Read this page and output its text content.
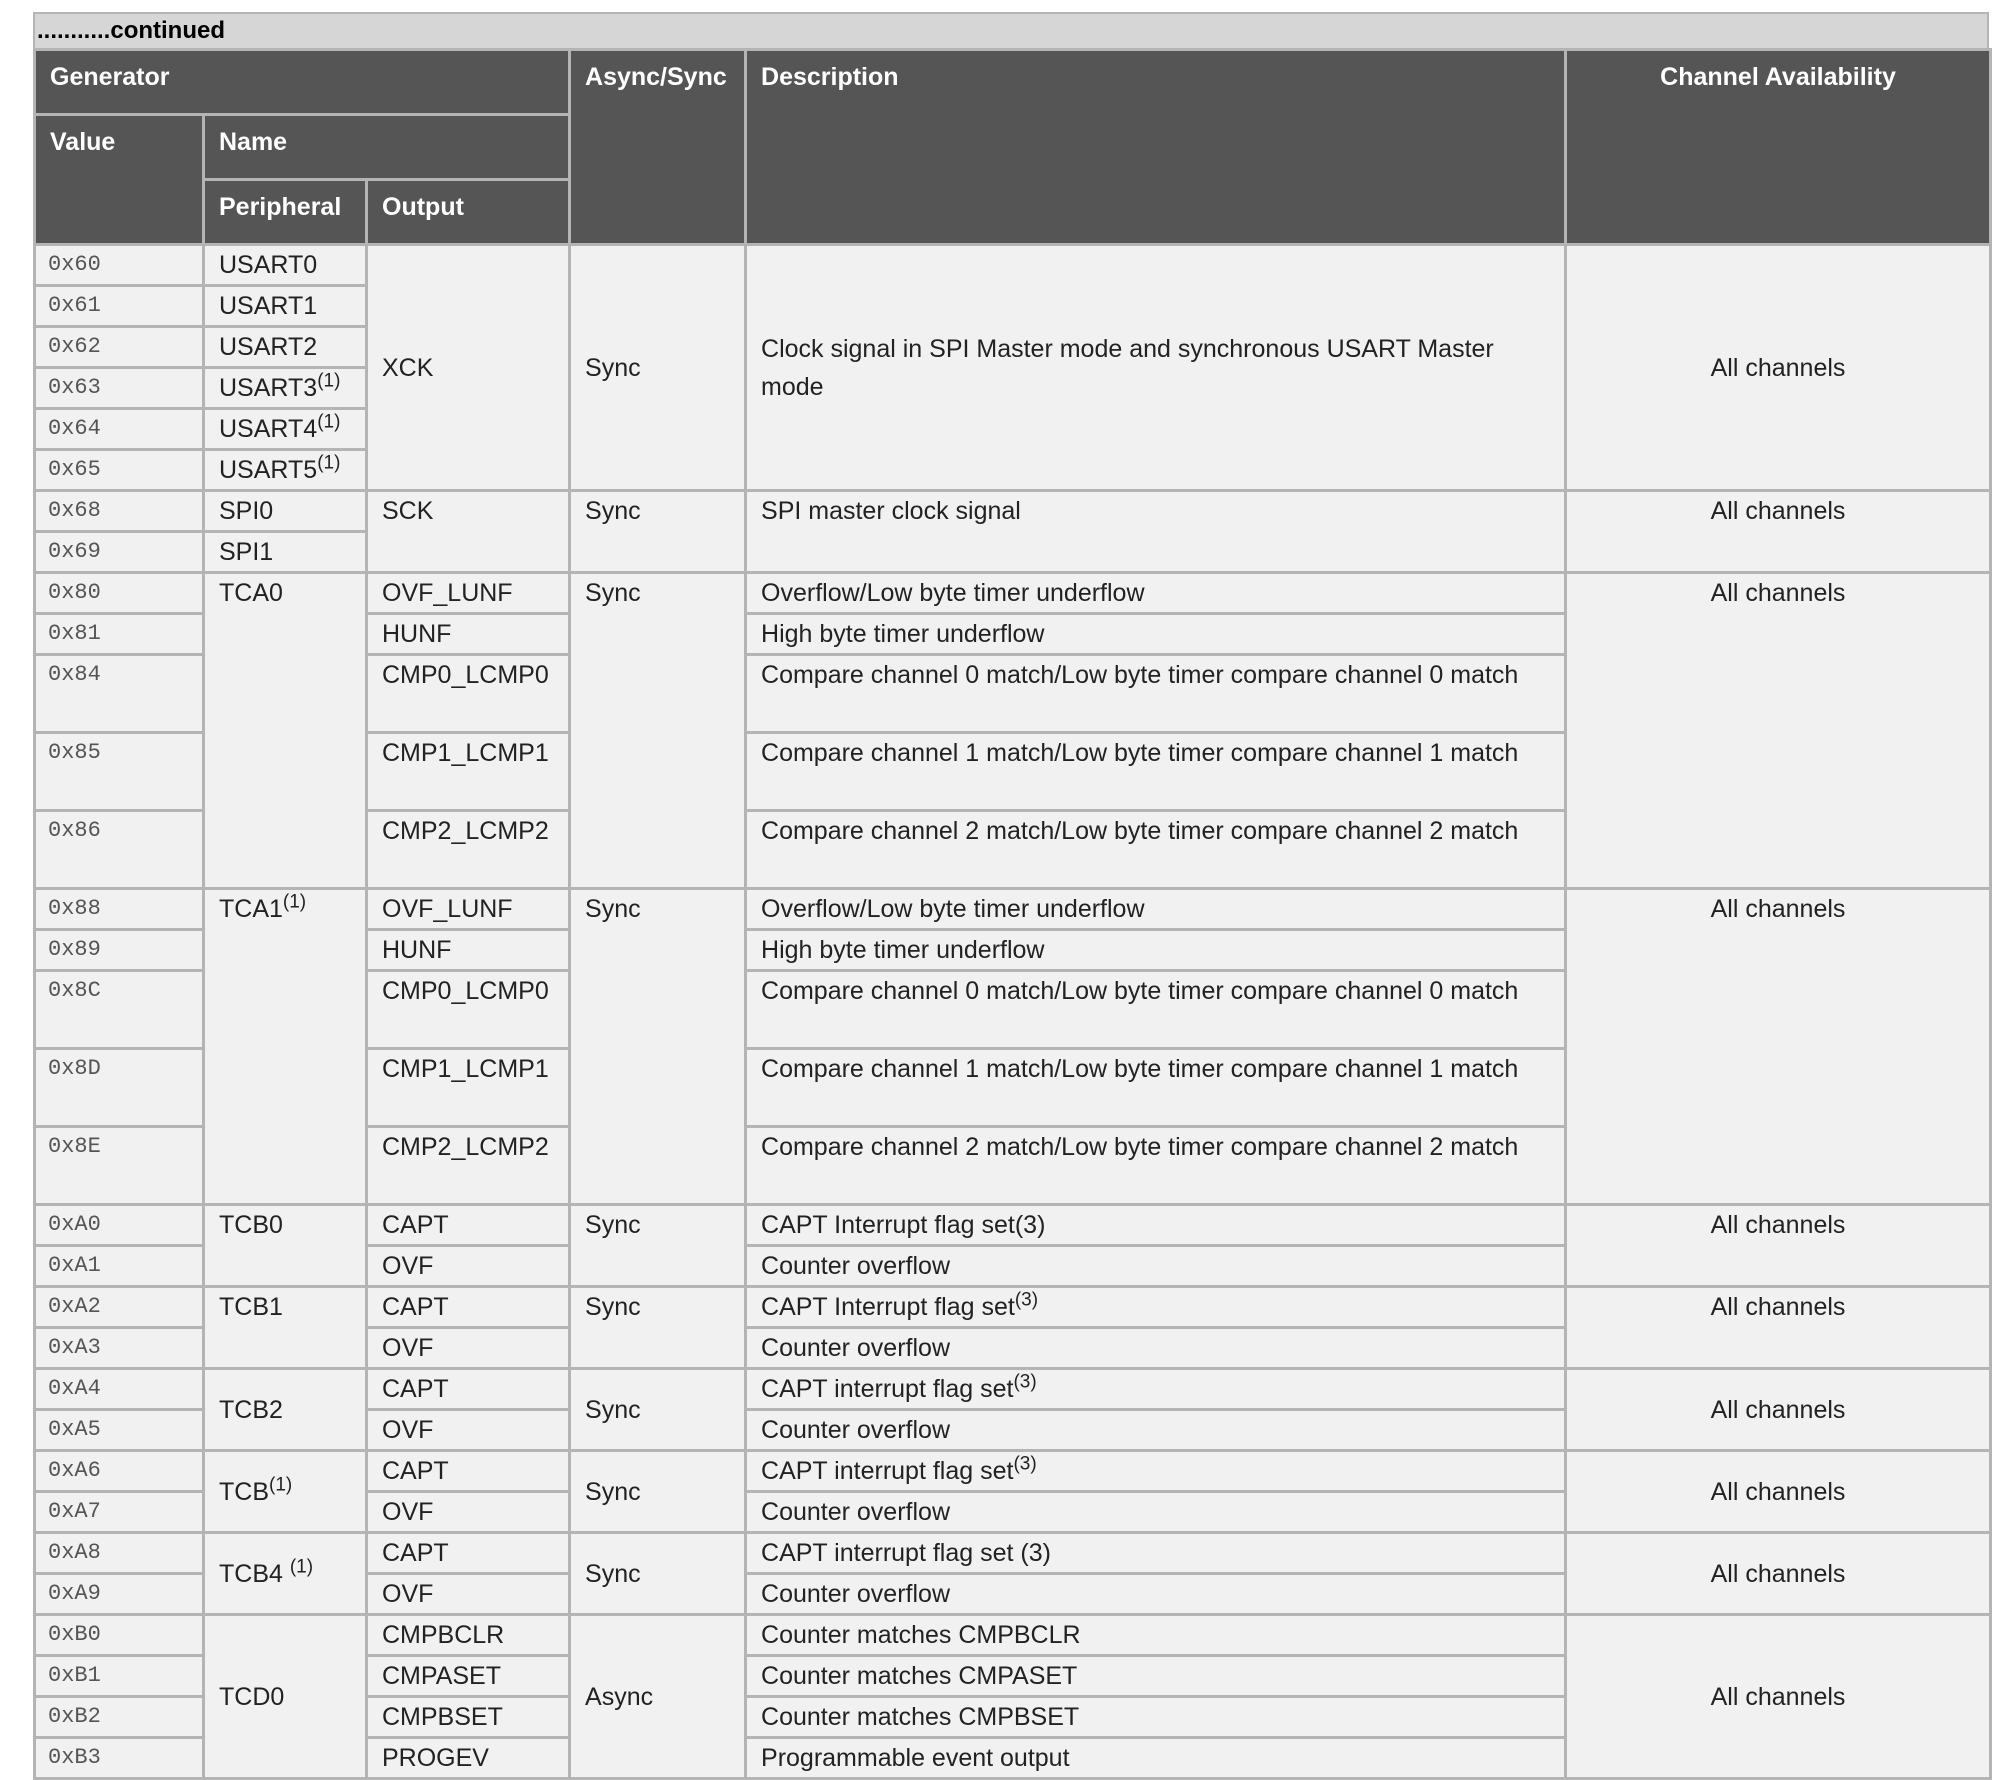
...........continued
Generator			Async/Sync	Description	Channel Availability
Value	Name				
	Peripheral	Output			
0x60	USART0	XCK	Sync	Clock signal in SPI Master mode and synchronous USART Master mode	All channels
0x61	USART1				
0x62	USART2				
0x63	USART3$^{(1)}$
0x64	USART4$^{(1)}$
0x65	USART5$^{(1)}$
0x68	SPI0	SCK	Sync	SPI master clock signal	All channels
0x69	SPI1				
0x80	TCA0	OVF_LUNF	Sync	Overflow/Low byte timer underflow	All channels
0x81		HUNF		High byte timer underflow	
0x84		CMP0_LCMP0		Compare channel 0 match/Low byte timer compare channel 0 match	
0x85		CMP1_LCMP1		Compare channel 1 match/Low byte timer compare channel 1 match	
0x86		CMP2_LCMP2		Compare channel 2 match/Low byte timer compare channel 2 match	
0x88	TCA1$^{(1)}$	OVF_LUNF	Sync	Overflow/Low byte timer underflow	All channels
0x89		HUNF		High byte timer underflow	
0x8C		CMP0_LCMP0		Compare channel 0 match/Low byte timer compare channel 0 match	
0x8D		CMP1_LCMP1		Compare channel 1 match/Low byte timer compare channel 1 match	
0x8E		CMP2_LCMP2		Compare channel 2 match/Low byte timer compare channel 2 match	
0xA0	TCB0	CAPT	Sync	CAPT Interrupt flag set(3)	All channels
0xA1		OVF		Counter overflow	
0xA2	TCB1	CAPT	Sync	CAPT Interrupt flag set$^{(3)}$	All channels
0xA3		OVF		Counter overflow	
0xA4	TCB2	CAPT	Sync	CAPT interrupt flag set$^{(3)}$	All channels
0xA5		OVF		Counter overflow	
0xA6	TCB$^{(1)}$	CAPT	Sync	CAPT interrupt flag set$^{(3)}$	All channels
0xA7		OVF		Counter overflow	
0xA8	TCB4 $^{(1)}$	CAPT	Sync	CAPT interrupt flag set (3)	All channels
0xA9		OVF		Counter overflow	
0xB0	TCD0	CMPBCLR	Async	Counter matches CMPBCLR	All channels
0xB1		CMPASET		Counter matches CMPASET	
0xB2		CMPBSET		Counter matches CMPBSET	
0xB3		PROGEV		Programmable event output	
